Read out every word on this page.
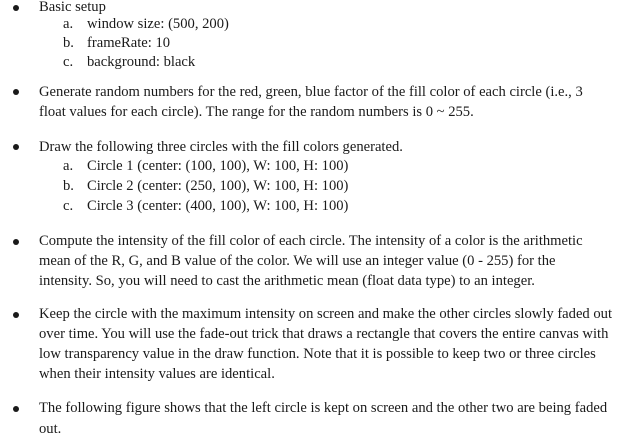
Basic setup
a. window size: (500, 200)
b. frameRate: 10
c. background: black
Generate random numbers for the red, green, blue factor of the fill color of each circle (i.e., 3
float values for each circle). The range for the random numbers is 0 ~ 255.
Draw the following three circles with the fill colors generated.
a. Circle 1 (center: (100, 100), W: 100, H: 100)
b. Circle 2 (center: (250, 100), W: 100, H: 100)
c. Circle 3 (center: (400, 100), W: 100, H: 100)
Compute the intensity of the fill color of each circle. The intensity of a color is the arithmetic
mean of the R, G, and B value of the color. We will use an integer value (0 - 255) for the
intensity. So, you will need to cast the arithmetic mean (float data type) to an integer.
Keep the circle with the maximum intensity on screen and make the other circles slowly faded out
over time. You will use the fade-out trick that draws a rectangle that covers the entire canvas with
low transparency value in the draw function. Note that it is possible to keep two or three circles
when their intensity values are identical.
The following figure shows that the left circle is kept on screen and the other two are being faded
out.
